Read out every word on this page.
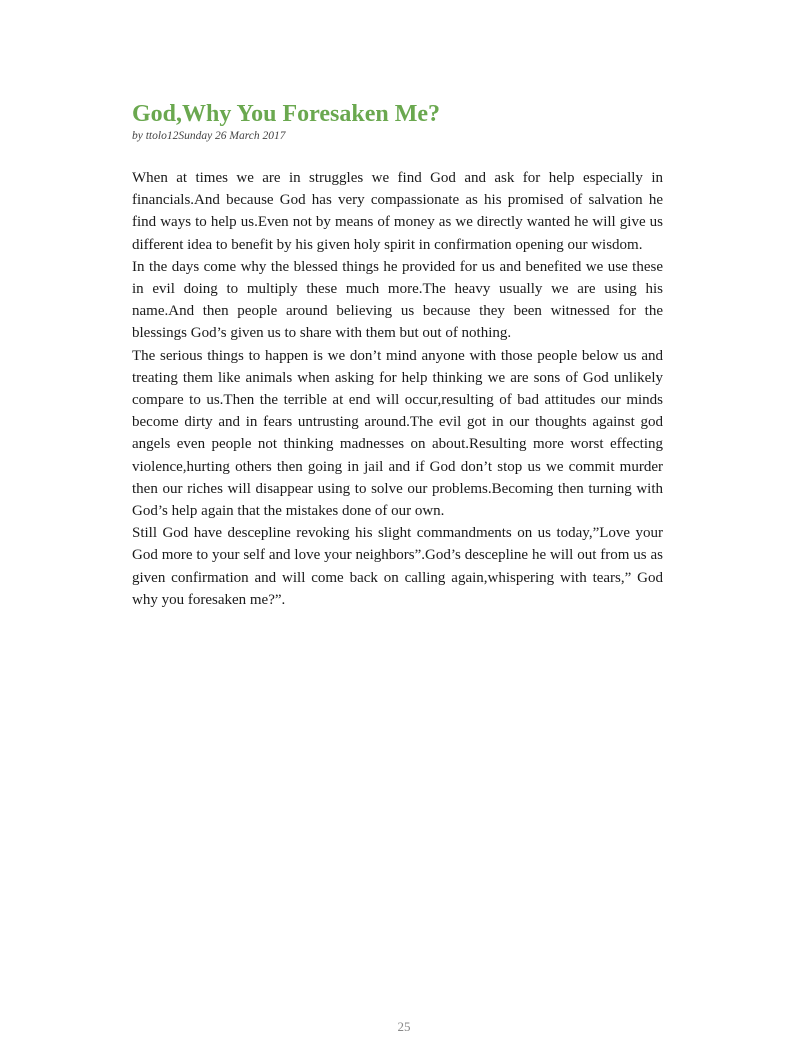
God,Why You Foresaken Me?

by ttolo12Sunday 26 March 2017

When at times we are in struggles we find God and ask for help especially in financials.And because God has very compassionate as his promised of salvation he find ways to help us.Even not by means of money as we directly wanted he will give us different idea to benefit by his given holy spirit in confirmation opening our wisdom.

In the days come why the blessed things he provided for us and benefited we use these in evil doing to multiply these much more.The heavy usually we are using his name.And then people around believing us because they been witnessed for the blessings God’s given us to share with them but out of nothing.

The serious things to happen is we don’t mind anyone with those people below us and treating them like animals when asking for help thinking we are sons of God unlikely compare to us.Then the terrible at end will occur,resulting of bad attitudes our minds become dirty and in fears untrusting around.The evil got in our thoughts against god angels even people not thinking madnesses on about.Resulting more worst effecting violence,hurting others then going in jail and if God don’t stop us we commit murder then our riches will disappear using to solve our problems.Becoming then turning with God’s help again that the mistakes done of our own.

Still God have descepline revoking his slight commandments on us today,”Love your God more to your self and love your neighbors”.God’s descepline he will out from us as given confirmation and will come back on calling again,whispering with tears,” God why you foresaken me?”.

25
